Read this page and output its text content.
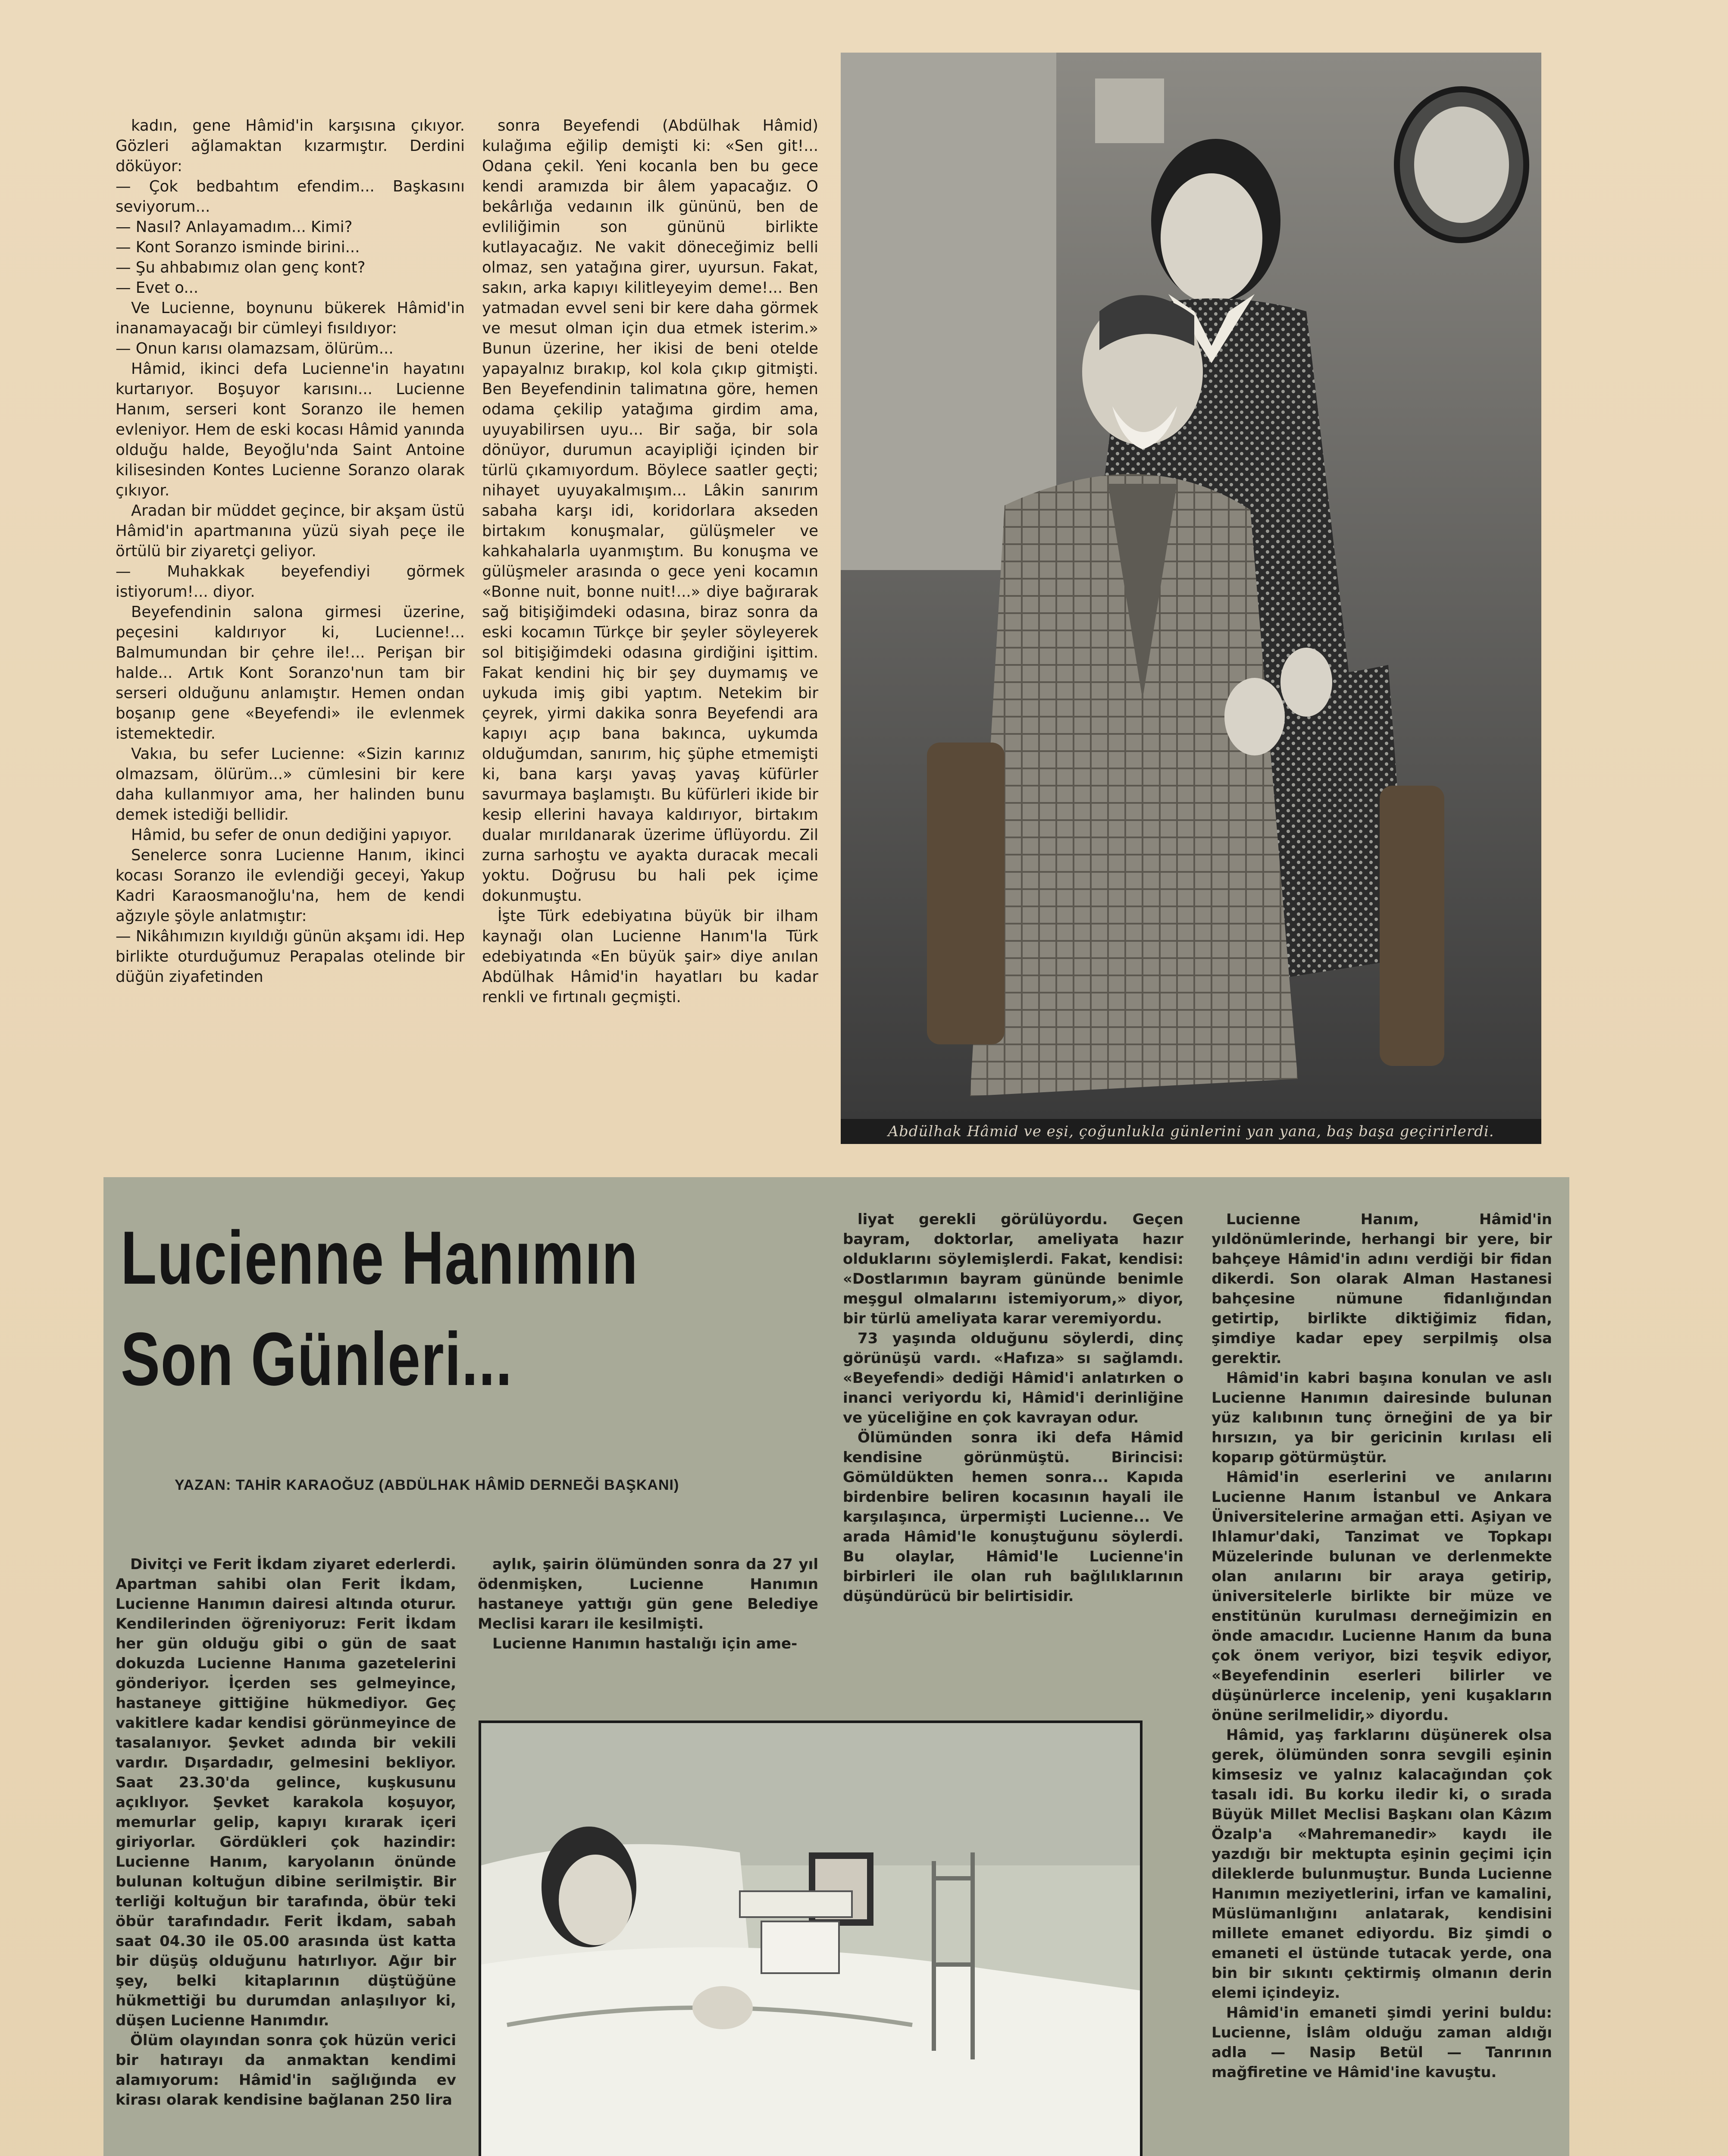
kadın, gene Hâmid'in karşısına çıkıyor. Gözleri ağlamaktan kızarmıştır. Derdini döküyor:

— Çok bedbahtım efendim... Başkasını seviyorum...

— Nasıl? Anlayamadım... Kimi?

— Kont Soranzo isminde birini...

— Şu ahbabımız olan genç kont?

— Evet o...

Ve Lucienne, boynunu bükerek Hâmid'in inanamayacağı bir cümleyi fısıldıyor:

— Onun karısı olamazsam, ölürüm...

Hâmid, ikinci defa Lucienne'in hayatını kurtarıyor. Boşuyor karısını... Lucienne Hanım, serseri kont Soranzo ile hemen evleniyor. Hem de eski kocası Hâmid yanında olduğu halde, Beyoğlu'nda Saint Antoine kilisesinden Kontes Lucienne Soranzo olarak çıkıyor.

Aradan bir müddet geçince, bir akşam üstü Hâmid'in apartmanına yüzü siyah peçe ile örtülü bir ziyaretçi geliyor.

— Muhakkak beyefendiyi görmek istiyorum!... diyor.

Beyefendinin salona girmesi üzerine, peçesini kaldırıyor ki, Lucienne!... Balmumundan bir çehre ile!... Perişan bir halde... Artık Kont Soranzo'nun tam bir serseri olduğunu anlamıştır. Hemen ondan boşanıp gene «Beyefendi» ile evlenmek istemektedir.

Vakıa, bu sefer Lucienne: «Sizin karınız olmazsam, ölürüm...» cümlesini bir kere daha kullanmıyor ama, her halinden bunu demek istediği bellidir.

Hâmid, bu sefer de onun dediğini yapıyor.

Senelerce sonra Lucienne Hanım, ikinci kocası Soranzo ile evlendiği geceyi, Yakup Kadri Karaosmanoğlu'na, hem de kendi ağzıyle şöyle anlatmıştır:

— Nikâhımızın kıyıldığı günün akşamı idi. Hep birlikte oturduğumuz Perapalas otelinde bir düğün ziyafetinden

sonra Beyefendi (Abdülhak Hâmid) kulağıma eğilip demişti ki: «Sen git!... Odana çekil. Yeni kocanla ben bu gece kendi aramızda bir âlem yapacağız. O bekârlığa vedaının ilk gününü, ben de evliliğimin son gününü birlikte kutlayacağız. Ne vakit döneceğimiz belli olmaz, sen yatağına girer, uyursun. Fakat, sakın, arka kapıyı kilitleyeyim deme!... Ben yatmadan evvel seni bir kere daha görmek ve mesut olman için dua etmek isterim.» Bunun üzerine, her ikisi de beni otelde yapayalnız bırakıp, kol kola çıkıp gitmişti. Ben Beyefendinin talimatına göre, hemen odama çekilip yatağıma girdim ama, uyuyabilirsen uyu... Bir sağa, bir sola dönüyor, durumun acayipliği içinden bir türlü çıkamıyordum. Böylece saatler geçti; nihayet uyuyakalmışım... Lâkin sanırım sabaha karşı idi, koridorlara akseden birtakım konuşmalar, gülüşmeler ve kahkahalarla uyanmıştım. Bu konuşma ve gülüşmeler arasında o gece yeni kocamın «Bonne nuit, bonne nuit!...» diye bağırarak sağ bitişiğimdeki odasına, biraz sonra da eski kocamın Türkçe bir şeyler söyleyerek sol bitişiğimdeki odasına girdiğini işittim. Fakat kendini hiç bir şey duymamış ve uykuda imiş gibi yaptım. Netekim bir çeyrek, yirmi dakika sonra Beyefendi ara kapıyı açıp bana bakınca, uykumda olduğumdan, sanırım, hiç şüphe etmemişti ki, bana karşı yavaş yavaş küfürler savurmaya başlamıştı. Bu küfürleri ikide bir kesip ellerini havaya kaldırıyor, birtakım dualar mırıldanarak üzerime üflüyordu. Zil zurna sarhoştu ve ayakta duracak mecali yoktu. Doğrusu bu hali pek içime dokunmuştu.

İşte Türk edebiyatına büyük bir ilham kaynağı olan Lucienne Hanım'la Türk edebiyatında «En büyük şair» diye anılan Abdülhak Hâmid'in hayatları bu kadar renkli ve fırtınalı geçmişti.

Abdülhak Hâmid ve eşi, çoğunlukla günlerini yan yana, baş başa geçirirlerdi.
Lucienne Hanımın
Son Günleri...
YAZAN: TAHİR KARAOĞUZ (ABDÜLHAK HÂMİD DERNEĞİ BAŞKANI)

Divitçi ve Ferit İkdam ziyaret ederlerdi. Apartman sahibi olan Ferit İkdam, Lucienne Hanımın dairesi altında oturur. Kendilerinden öğreniyoruz: Ferit İkdam her gün olduğu gibi o gün de saat dokuzda Lucienne Hanıma gazetelerini gönderiyor. İçerden ses gelmeyince, hastaneye gittiğine hükmediyor. Geç vakitlere kadar kendisi görünmeyince de tasalanıyor. Şevket adında bir vekili vardır. Dışardadır, gelmesini bekliyor. Saat 23.30'da gelince, kuşkusunu açıklıyor. Şevket karakola koşuyor, memurlar gelip, kapıyı kırarak içeri giriyorlar. Gördükleri çok hazindir: Lucienne Hanım, karyolanın önünde bulunan koltuğun dibine serilmiştir. Bir terliği koltuğun bir tarafında, öbür teki öbür tarafındadır. Ferit İkdam, sabah saat 04.30 ile 05.00 arasında üst katta bir düşüş olduğunu hatırlıyor. Ağır bir şey, belki kitaplarının düştüğüne hükmettiği bu durumdan anlaşılıyor ki, düşen Lucienne Hanımdır.

Ölüm olayından sonra çok hüzün verici bir hatırayı da anmaktan kendimi alamıyorum: Hâmid'in sağlığında ev kirası olarak kendisine bağlanan 250 lira

aylık, şairin ölümünden sonra da 27 yıl ödenmişken, Lucienne Hanımın hastaneye yattığı gün gene Belediye Meclisi kararı ile kesilmişti.

Lucienne Hanımın hastalığı için ame-

liyat gerekli görülüyordu. Geçen bayram, doktorlar, ameliyata hazır olduklarını söylemişlerdi. Fakat, kendisi: «Dostlarımın bayram gününde benimle meşgul olmalarını istemiyorum,» diyor, bir türlü ameliyata karar veremiyordu.

73 yaşında olduğunu söylerdi, dinç görünüşü vardı. «Hafıza» sı sağlamdı. «Beyefendi» dediği Hâmid'i anlatırken o inanci veriyordu ki, Hâmid'i derinliğine ve yüceliğine en çok kavrayan odur.

Ölümünden sonra iki defa Hâmid kendisine görünmüştü. Birincisi: Gömüldükten hemen sonra... Kapıda birdenbire beliren kocasının hayali ile karşılaşınca, ürpermişti Lucienne... Ve arada Hâmid'le konuştuğunu söylerdi. Bu olaylar, Hâmid'le Lucienne'in birbirleri ile olan ruh bağlılıklarının düşündürücü bir belirtisidir.

Lucienne Hanım, Hâmid'in yıldönümlerinde, herhangi bir yere, bir bahçeye Hâmid'in adını verdiği bir fidan dikerdi. Son olarak Alman Hastanesi bahçesine nümune fidanlığından getirtip, birlikte diktiğimiz fidan, şimdiye kadar epey serpilmiş olsa gerektir.

Hâmid'in kabri başına konulan ve aslı Lucienne Hanımın dairesinde bulunan yüz kalıbının tunç örneğini de ya bir hırsızın, ya bir gericinin kırılası eli koparıp götürmüştür.

Hâmid'in eserlerini ve anılarını Lucienne Hanım İstanbul ve Ankara Üniversitelerine armağan etti. Aşiyan ve Ihlamur'daki, Tanzimat ve Topkapı Müzelerinde bulunan ve derlenmekte olan anılarını bir araya getirip, üniversitelerle birlikte bir müze ve enstitünün kurulması derneğimizin en önde amacıdır. Lucienne Hanım da buna çok önem veriyor, bizi teşvik ediyor, «Beyefendinin eserleri bilirler ve düşünürlerce incelenip, yeni kuşakların önüne serilmelidir,» diyordu.

Hâmid, yaş farklarını düşünerek olsa gerek, ölümünden sonra sevgili eşinin kimsesiz ve yalnız kalacağından çok tasalı idi. Bu korku iledir ki, o sırada Büyük Millet Meclisi Başkanı olan Kâzım Özalp'a «Mahremanedir» kaydı ile yazdığı bir mektupta eşinin geçimi için dileklerde bulunmuştur. Bunda Lucienne Hanımın meziyetlerini, irfan ve kamalini, Müslümanlığını anlatarak, kendisini millete emanet ediyordu. Biz şimdi o emaneti el üstünde tutacak yerde, ona bin bir sıkıntı çektirmiş olmanın derin elemi içindeyiz.

Hâmid'in emaneti şimdi yerini buldu: Lucienne, İslâm olduğu zaman aldığı adla — Nasip Betül — Tanrının mağfiretine ve Hâmid'ine kavuştu.
